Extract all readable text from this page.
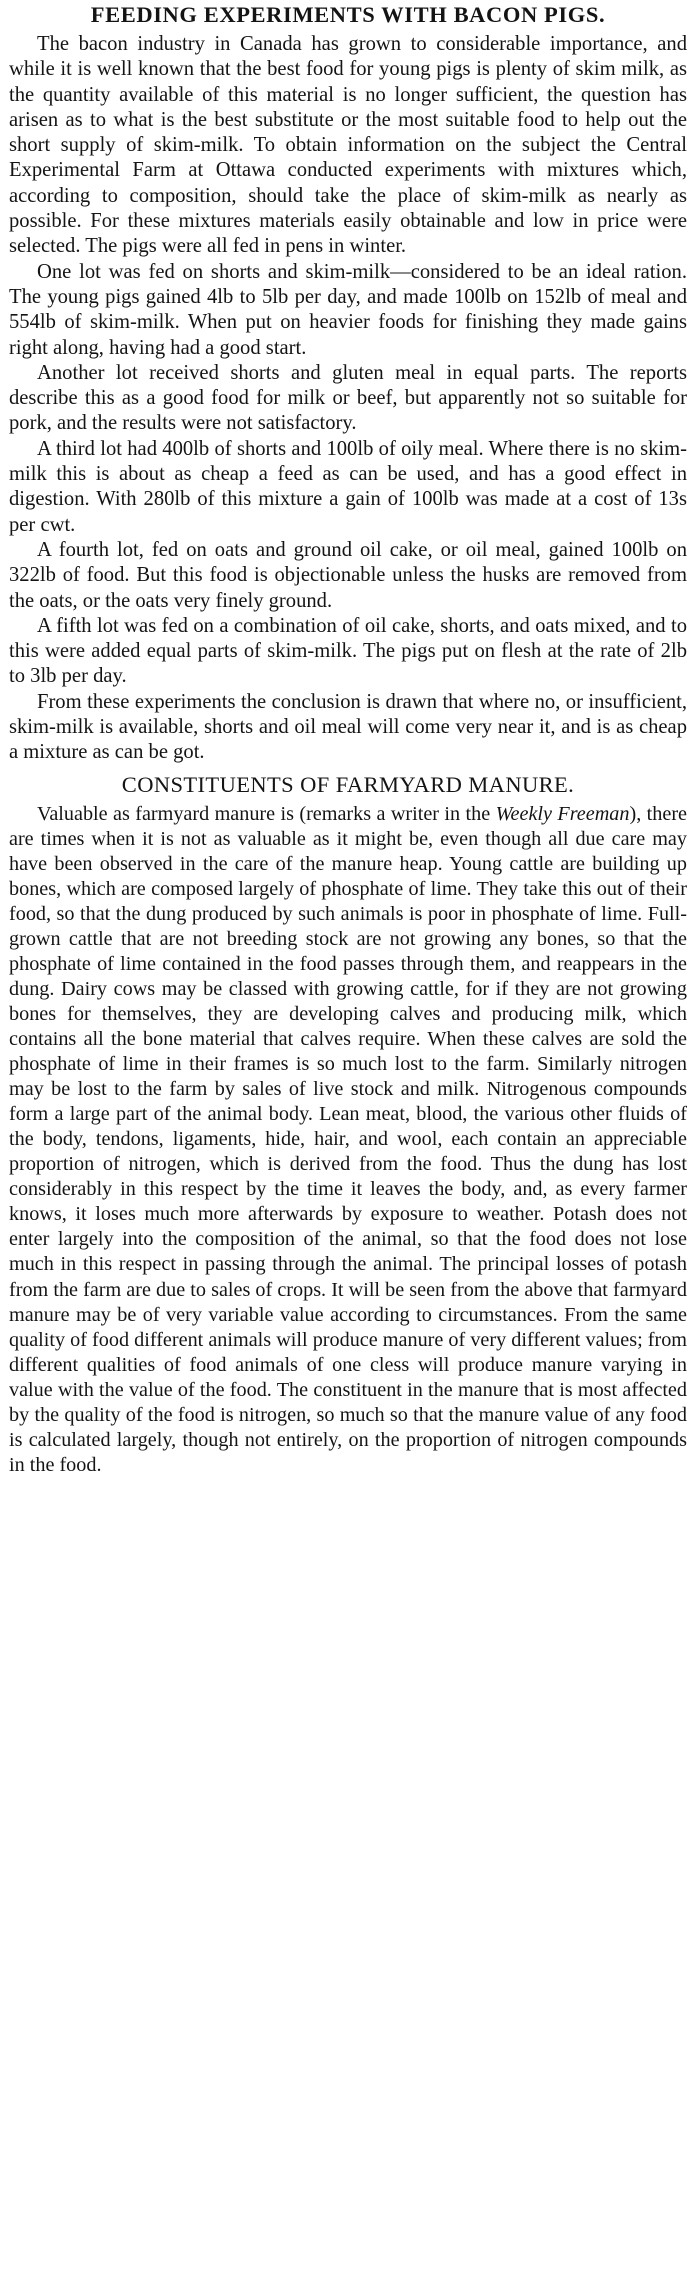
FEEDING EXPERIMENTS WITH BACON PIGS.

The bacon industry in Canada has grown to considerable importance, and while it is well known that the best food for young pigs is plenty of skim milk, as the quantity available of this material is no longer sufficient, the question has arisen as to what is the best substitute or the most suitable food to help out the short supply of skim-milk. To obtain information on the subject the Central Experimental Farm at Ottawa conducted experiments with mixtures which, according to composition, should take the place of skim-milk as nearly as possible. For these mixtures materials easily obtainable and low in price were selected. The pigs were all fed in pens in winter.

One lot was fed on shorts and skim-milk—considered to be an ideal ration. The young pigs gained 4lb to 5lb per day, and made 100lb on 152lb of meal and 554lb of skim-milk. When put on heavier foods for finishing they made gains right along, having had a good start.

Another lot received shorts and gluten meal in equal parts. The reports describe this as a good food for milk or beef, but apparently not so suitable for pork, and the results were not satisfactory.

A third lot had 400lb of shorts and 100lb of oily meal. Where there is no skim-milk this is about as cheap a feed as can be used, and has a good effect in digestion. With 280lb of this mixture a gain of 100lb was made at a cost of 13s per cwt.

A fourth lot, fed on oats and ground oil cake, or oil meal, gained 100lb on 322lb of food. But this food is objectionable unless the husks are removed from the oats, or the oats very finely ground.

A fifth lot was fed on a combination of oil cake, shorts, and oats mixed, and to this were added equal parts of skim-milk. The pigs put on flesh at the rate of 2lb to 3lb per day.

From these experiments the conclusion is drawn that where no, or insufficient, skim-milk is available, shorts and oil meal will come very near it, and is as cheap a mixture as can be got.

CONSTITUENTS OF FARMYARD MANURE.

Valuable as farmyard manure is (remarks a writer in the Weekly Freeman), there are times when it is not as valuable as it might be, even though all due care may have been observed in the care of the manure heap. Young cattle are building up bones, which are composed largely of phosphate of lime. They take this out of their food, so that the dung produced by such animals is poor in phosphate of lime. Full-grown cattle that are not breeding stock are not growing any bones, so that the phosphate of lime contained in the food passes through them, and reappears in the dung. Dairy cows may be classed with growing cattle, for if they are not growing bones for themselves, they are developing calves and producing milk, which contains all the bone material that calves require. When these calves are sold the phosphate of lime in their frames is so much lost to the farm. Similarly nitrogen may be lost to the farm by sales of live stock and milk. Nitrogenous compounds form a large part of the animal body. Lean meat, blood, the various other fluids of the body, tendons, ligaments, hide, hair, and wool, each contain an appreciable proportion of nitrogen, which is derived from the food. Thus the dung has lost considerably in this respect by the time it leaves the body, and, as every farmer knows, it loses much more afterwards by exposure to weather. Potash does not enter largely into the composition of the animal, so that the food does not lose much in this respect in passing through the animal. The principal losses of potash from the farm are due to sales of crops. It will be seen from the above that farmyard manure may be of very variable value according to circumstances. From the same quality of food different animals will produce manure of very different values; from different qualities of food animals of one cless will produce manure varying in value with the value of the food. The constituent in the manure that is most affected by the quality of the food is nitrogen, so much so that the manure value of any food is calculated largely, though not entirely, on the proportion of nitrogen compounds in the food.
